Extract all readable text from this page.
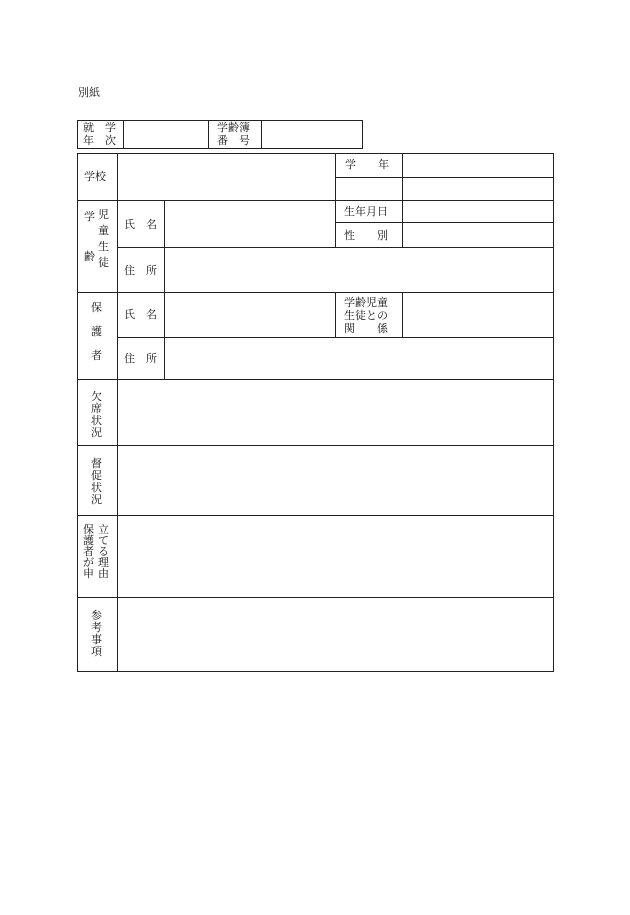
別紙
就　学
年　次
学齢簿
番　号
学校
学　　年
学

齢
児
童
生
徒
氏　名
生年月日
性　　別
住　所
保

護

者
氏　名
学齢児童
生徒との
関　　係
住　所
欠
席
状
況
督
促
状
況
保
護
者
が
申
立
て
る
理
由
参
考
事
項
